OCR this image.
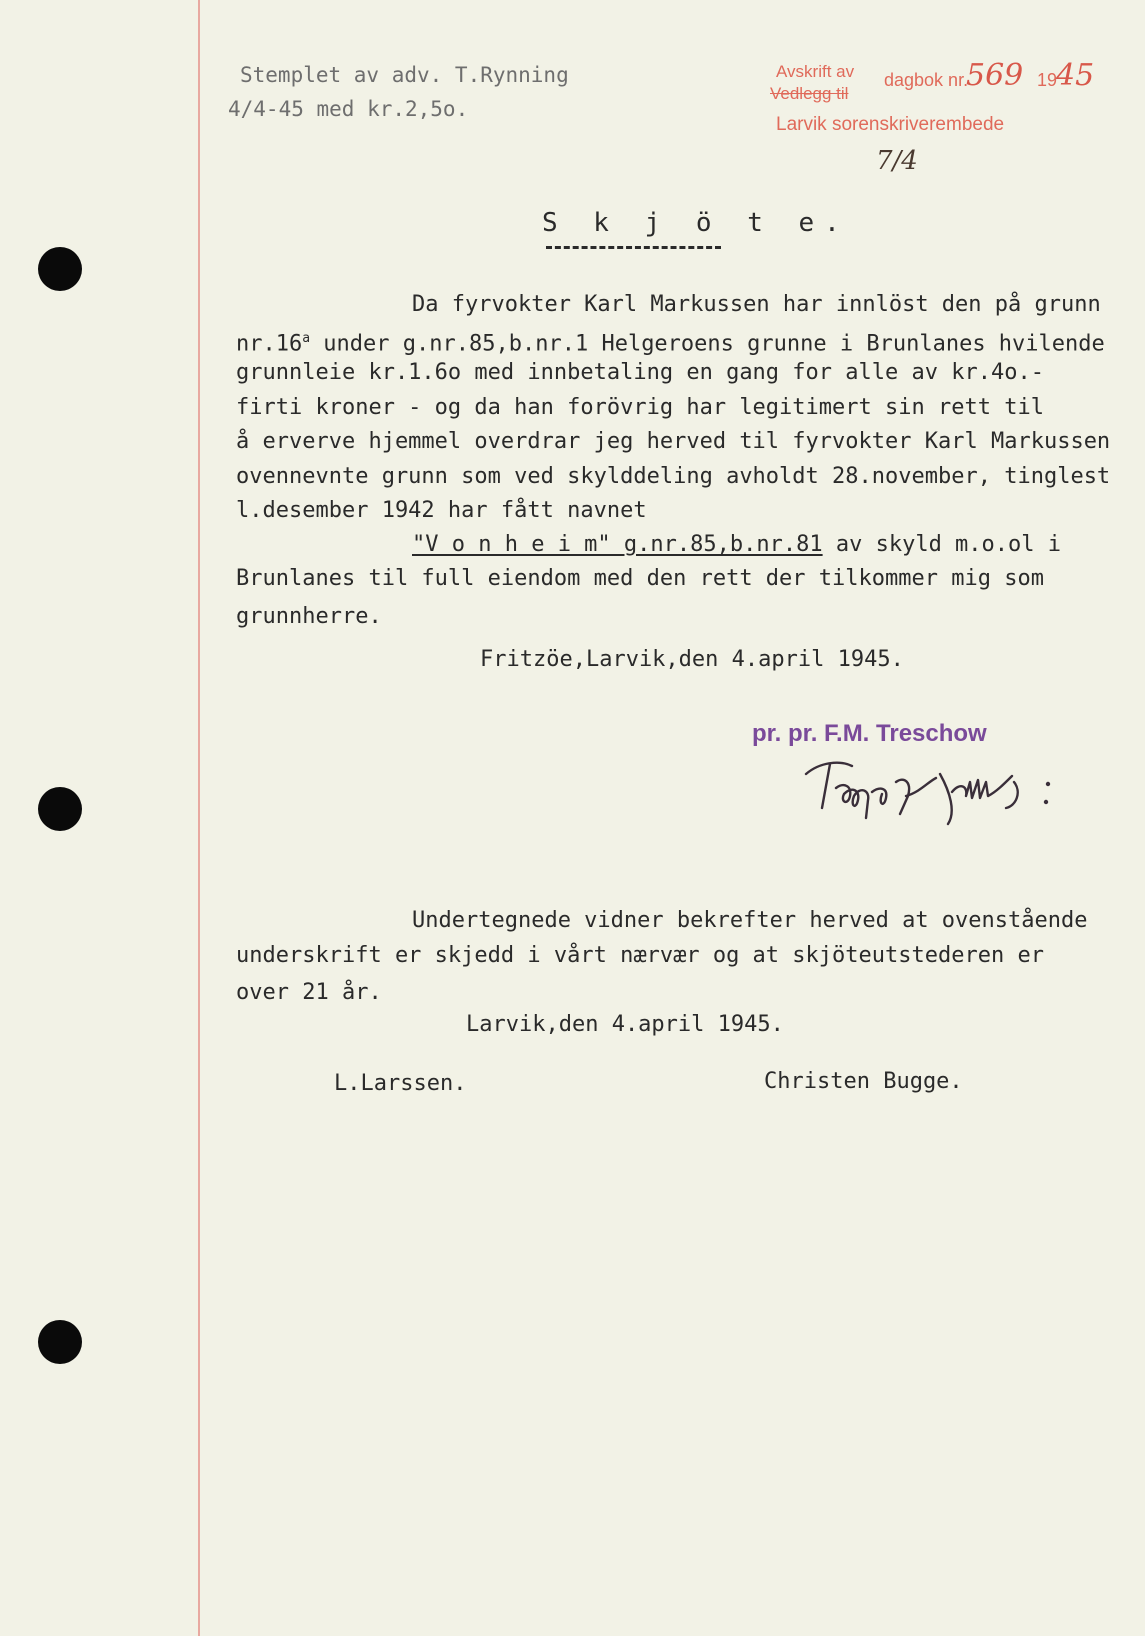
Stemplet av adv. T.Rynning
4/4-45 med kr.2,5o.
Avskrift av
Vedlegg til
dagbok nr.
569 19
45
Larvik sorenskriverembede
7/4
S k j ö t e.
Da fyrvokter Karl Markussen har innlöst den på grunn
nr.16$^a$ under g.nr.85,b.nr.1 Helgeroens grunne i Brunlanes hvilende
grunnleie kr.1.6o med innbetaling en gang for alle av kr.4o.-
firti kroner - og da han forövrig har legitimert sin rett til
å erverve hjemmel overdrar jeg herved til fyrvokter Karl Markussen
ovennevnte grunn som ved skylddeling avholdt 28.november, tinglest
l.desember 1942 har fått navnet
"V o n h e i m" g.nr.85,b.nr.81 av skyld m.o.ol i
Brunlanes til full eiendom med den rett der tilkommer mig som
grunnherre.
Fritzöe,Larvik,den 4.april 1945.
pr. pr. F.M. Treschow
Undertegnede vidner bekrefter herved at ovenstående
underskrift er skjedd i vårt nærvær og at skjöteutstederen er
over 21 år.
Larvik,den 4.april 1945.
L.Larssen.	Christen Bugge.
